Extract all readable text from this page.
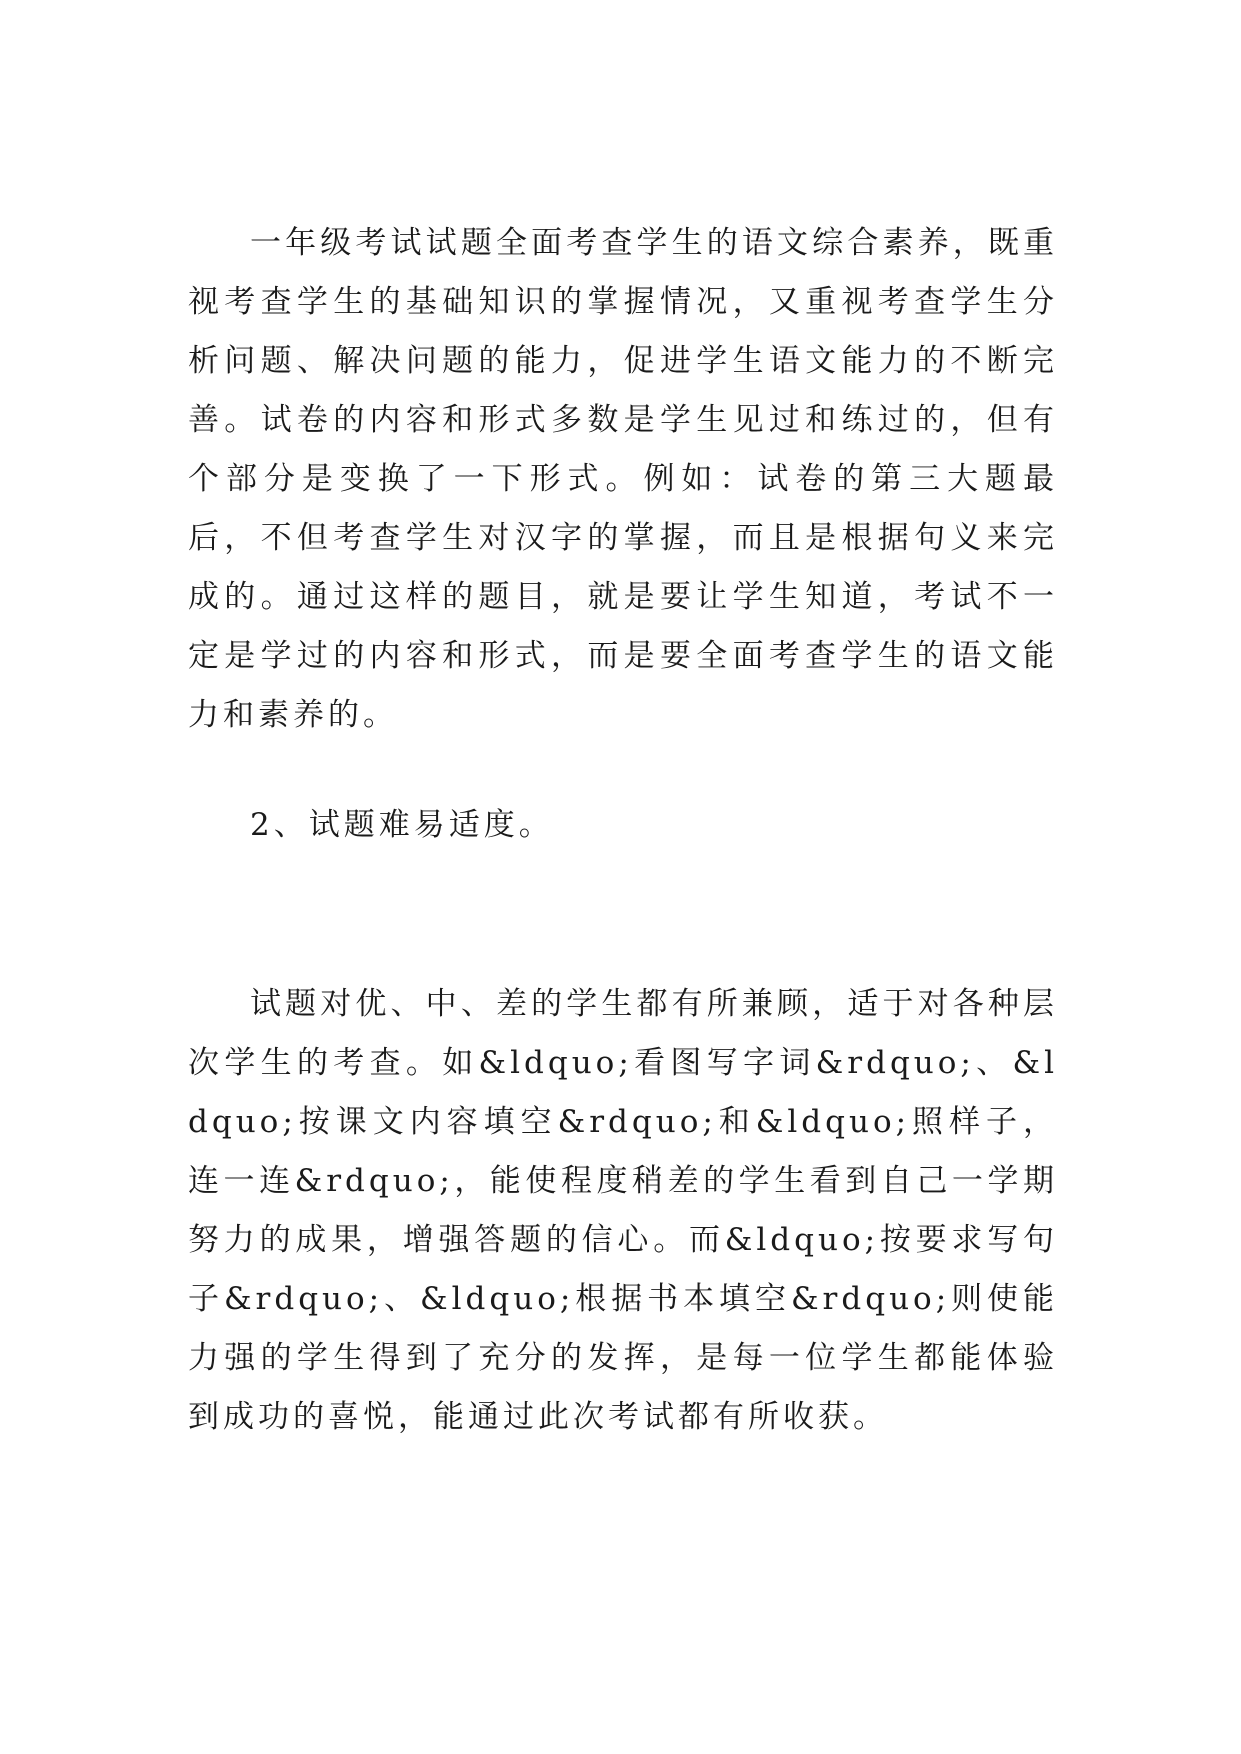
一年级考试试题全面考查学生的语文综合素养，既重视考查学生的基础知识的掌握情况，又重视考查学生分析问题、解决问题的能力，促进学生语文能力的不断完善。试卷的内容和形式多数是学生见过和练过的，但有个部分是变换了一下形式。例如：试卷的第三大题最后，不但考查学生对汉字的掌握，而且是根据句义来完成的。通过这样的题目，就是要让学生知道，考试不一定是学过的内容和形式，而是要全面考查学生的语文能力和素养的。

2、试题难易适度。

试题对优、中、差的学生都有所兼顾，适于对各种层次学生的考查。如&ldquo;看图写字词&rdquo;、&ldquo;按课文内容填空&rdquo;和&ldquo;照样子，连一连&rdquo;，能使程度稍差的学生看到自己一学期努力的成果，增强答题的信心。而&ldquo;按要求写句子&rdquo;、&ldquo;根据书本填空&rdquo;则使能力强的学生得到了充分的发挥，是每一位学生都能体验到成功的喜悦，能通过此次考试都有所收获。
